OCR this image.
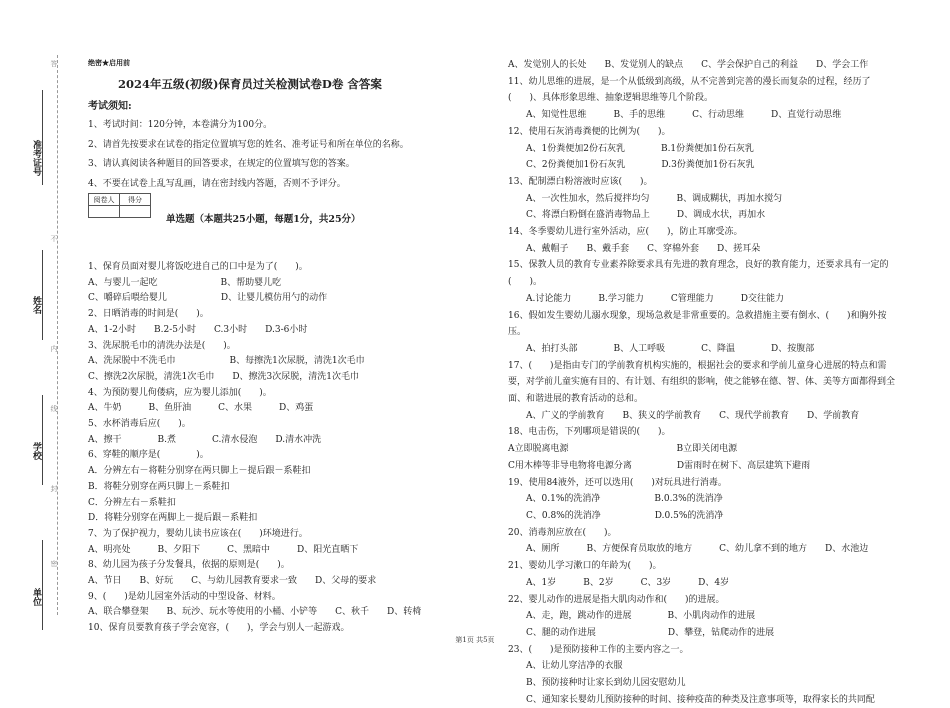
答
不
内
线
封
密
准考证号
姓名
学校
单位
绝密★启用前
2024年五级(初级)保育员过关检测试卷D卷 含答案
考试须知:
1、考试时间：120分钟，本卷满分为100分。
2、请首先按要求在试卷的指定位置填写您的姓名、准考证号和所在单位的名称。
3、请认真阅读各种题目的回答要求，在规定的位置填写您的答案。
4、不要在试卷上乱写乱画，请在密封线内答题，否则不予评分。
阅卷人	得分

单选题（本题共25小题，每题1分，共25分）
1、保育员面对婴儿将饭吃进自己的口中是为了(　　)。
A、与婴儿一起吃　　　　　　　B、帮助婴儿吃
C、嚼碎后喂给婴儿　　　　　　D、让婴儿模仿用勺的动作
2、日晒消毒的时间是(　　)。
A、1-2小时　　B.2-5小时　　C.3小时　　D.3-6小时
3、洗尿脱毛巾的清洗办法是(　　)。
A、洗尿脱中不洗毛巾　　　　　　B、每擦洗1次尿脱，清洗1次毛巾
C、擦洗2次尿脱，清洗1次毛巾　　D、擦洗3次尿脱，清洗1次毛巾
4、为预防婴儿佝偻病，应为婴儿添加(　　)。
A、牛奶　　　B、鱼肝油　　　C、水果　　　D、鸡蛋
5、水杯消毒后应(　　)。
A、擦干　　　　B.煮　　　　C.清水侵泡　　D.清水冲洗
6、穿鞋的顺序是(　　　　)。
A．分辨左右－将鞋分别穿在两只脚上－提后跟－系鞋扣
B．将鞋分别穿在两只脚上－系鞋扣
C．分辨左右－系鞋扣
D．将鞋分别穿在两脚上－提后跟－系鞋扣
7、为了保护视力，婴幼儿读书应该在(　　)环境进行。
A、明亮处　　　B、夕阳下　　　C、黑暗中　　　D、阳光直晒下
8、幼儿园为孩子分发餐具，依据的原则是(　　)。
A、节日　　B、好玩　　C、与幼儿园教育要求一致　　D、父母的要求
9、(　　)是幼儿园室外活动的中型设备、材料。
A、联合攀登架　　B、玩沙、玩水等使用的小桶、小铲等　　C、秋千　　D、转椅
10、保育员要教育孩子学会宽容，(　　)，学会与别人一起游戏。
A、发觉别人的长处　　B、发觉别人的缺点　　C、学会保护自己的利益　　D、学会工作
11、幼儿思维的进展，是一个从低级到高级，从不完善到完善的漫长而复杂的过程，经历了(　　)、具体形象思维、抽象逻辑思维等几个阶段。
　　A、知觉性思维　　　B、手的思维　　　C、行动思维　　　D、直觉行动思维
12、使用石灰消毒粪便的比例为(　　)。
　　A、1份粪便加2份石灰乳　　　　B.1份粪便加1份石灰乳
　　C、2份粪便加1份石灰乳　　　　D.3份粪便加1份石灰乳
13、配制漂白粉溶液时应该(　　)。
　　A、一次性加水，然后搅拌均匀　　　B、调成糊状，再加水搅匀
　　C、将漂白粉倒在盛消毒物品上　　　D、调成水状，再加水
14、冬季婴幼儿进行室外活动，应(　　)，防止耳廓受冻。
　　A、戴帽子　　B、戴手套　　C、穿棉外套　　D、搓耳朵
15、保教人员的教育专业素养除要求具有先进的教育理念，良好的教育能力，还要求具有一定的(　　)。
　　A.讨论能力　　　B.学习能力　　　C管理能力　　　D交往能力
16、假如发生婴幼儿溺水现象，现场急救是非常重要的。急救措施主要有倒水、(　　)和胸外按压。
　　A、拍打头部　　　　B、人工呼吸　　　　C、降温　　　　D、按腹部
17、(　　)是指由专门的学前教育机构实施的，根据社会的要求和学前儿童身心进展的特点和需要，对学前儿童实施有目的、有计划、有组织的影响，使之能够在德、智、体、美等方面都得到全面、和谐进展的教育活动的总和。
　　A、广义的学前教育　　B、狭义的学前教育　　C、现代学前教育　　D、学前教育
18、电击伤，下列哪项是错误的(　　)。
A立即脱离电源　　　　　　　　　　　　B立即关闭电源
C用木棒等非导电物将电源分离　　　　　D雷雨时在树下、高层建筑下避雨
19、使用84液外，还可以选用(　　)对玩具进行消毒。
　　A、0.1%的洗消净　　　　　　B.0.3%的洗消净
　　C、0.8%的洗消净　　　　　　D.0.5%的洗消净
20、消毒剂应放在(　　)。
　　A、厕所　　　B、方便保育员取放的地方　　　C、幼儿拿不到的地方　　D、水池边
21、婴幼儿学习漱口的年龄为(　　)。
　　A、1岁　　　B、2岁　　　C、3岁　　　D、4岁
22、婴儿动作的进展是指大肌肉动作和(　　)的进展。
　　A、走，跑，跳动作的进展　　　　B、小肌肉动作的进展
　　C、腿的动作进展　　　　　　　　D、攀登，钻爬动作的进展
23、(　　)是预防接种工作的主要内容之一。
　　A、让幼儿穿洁净的衣服
　　B、预防接种时让家长到幼儿园安慰幼儿
　　C、通知家长婴幼儿预防接种的时间、接种疫苗的种类及注意事项等，取得家长的共同配
第1页 共5页
